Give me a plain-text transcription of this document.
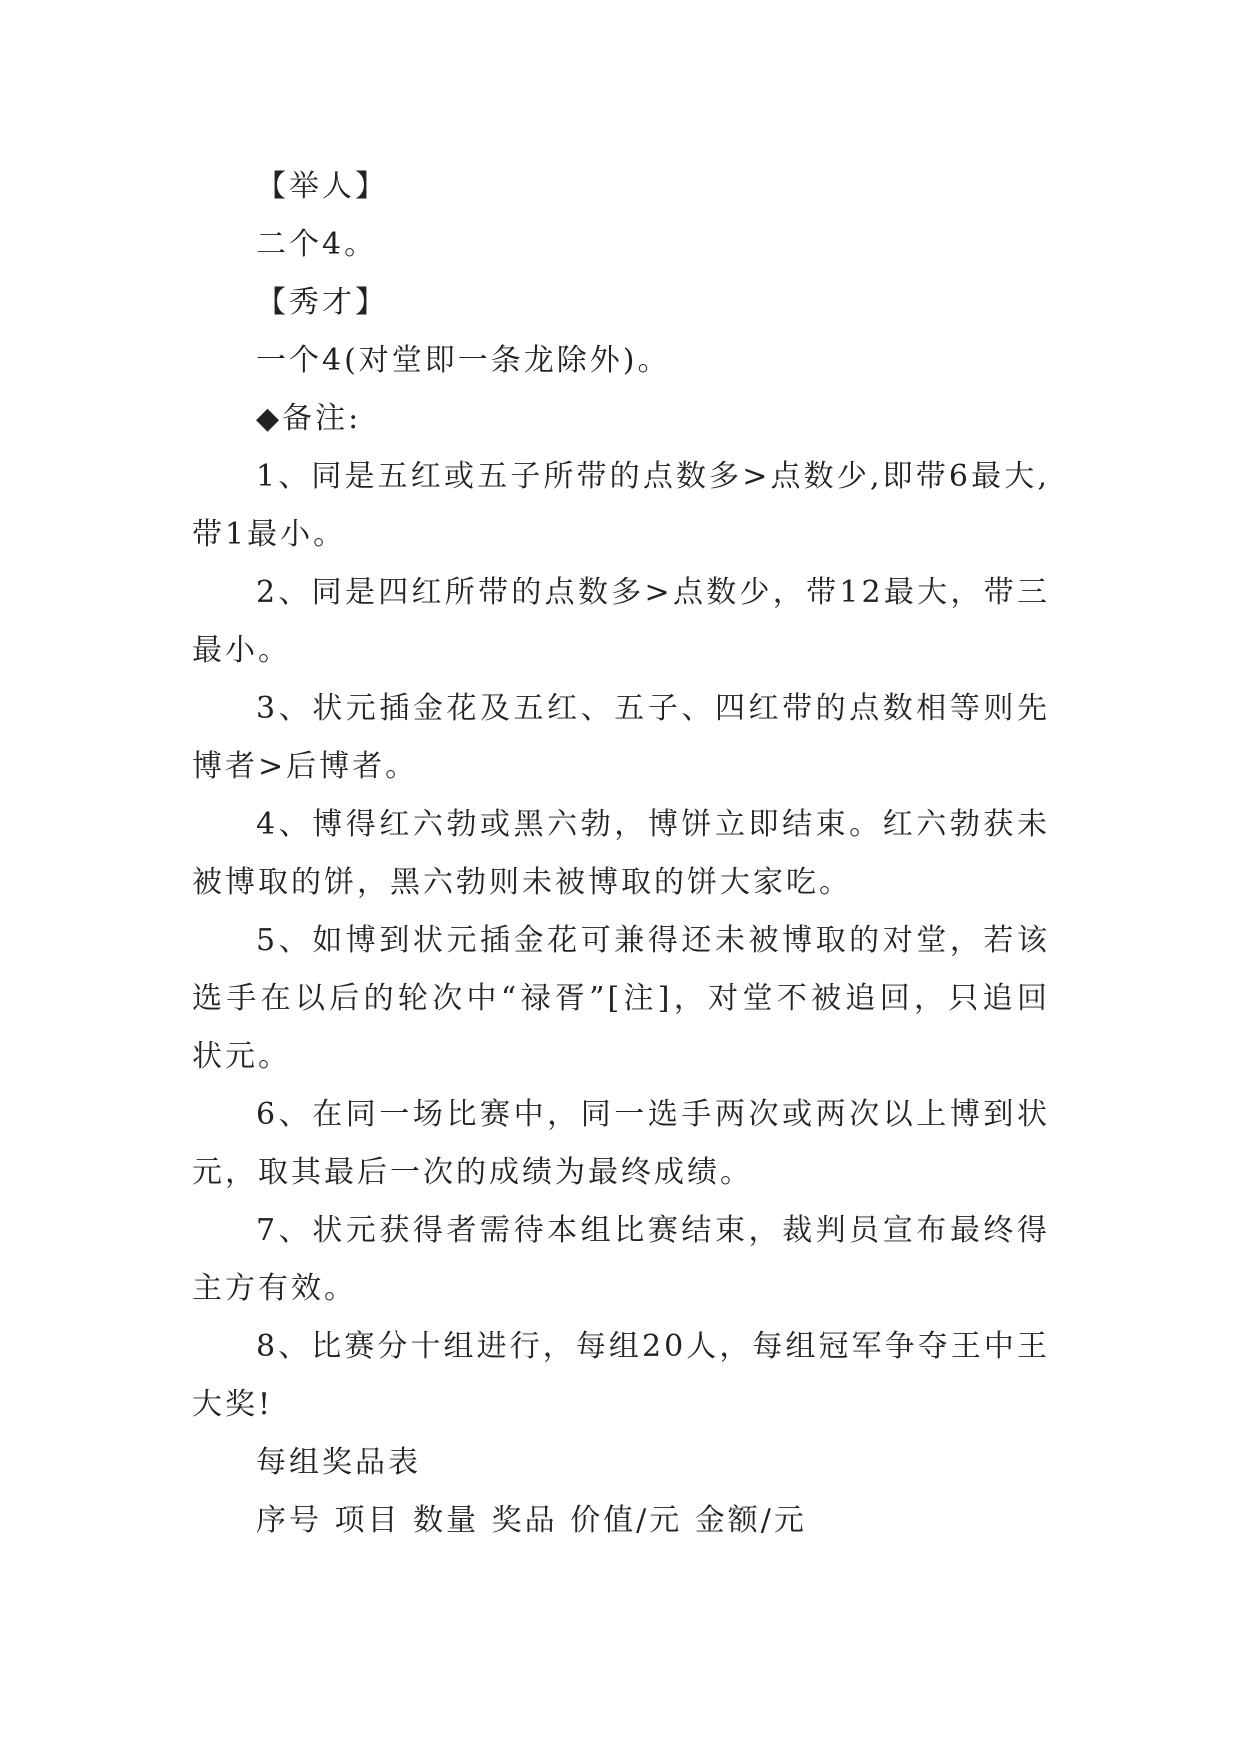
【举人】

二个4。

【秀才】

一个4(对堂即一条龙除外)。

◆备注:

1、同是五红或五子所带的点数多>点数少,即带6最大,带1最小。

2、同是四红所带的点数多>点数少，带12最大，带三最小。

3、状元插金花及五红、五子、四红带的点数相等则先博者>后博者。

4、博得红六勃或黑六勃，博饼立即结束。红六勃获未被博取的饼，黑六勃则未被博取的饼大家吃。

5、如博到状元插金花可兼得还未被博取的对堂，若该选手在以后的轮次中“禄胥”[注]，对堂不被追回，只追回状元。

6、在同一场比赛中，同一选手两次或两次以上博到状元，取其最后一次的成绩为最终成绩。

7、状元获得者需待本组比赛结束，裁判员宣布最终得主方有效。

8、比赛分十组进行，每组20人，每组冠军争夺王中王大奖!

每组奖品表

序号 项目 数量 奖品 价值/元 金额/元
